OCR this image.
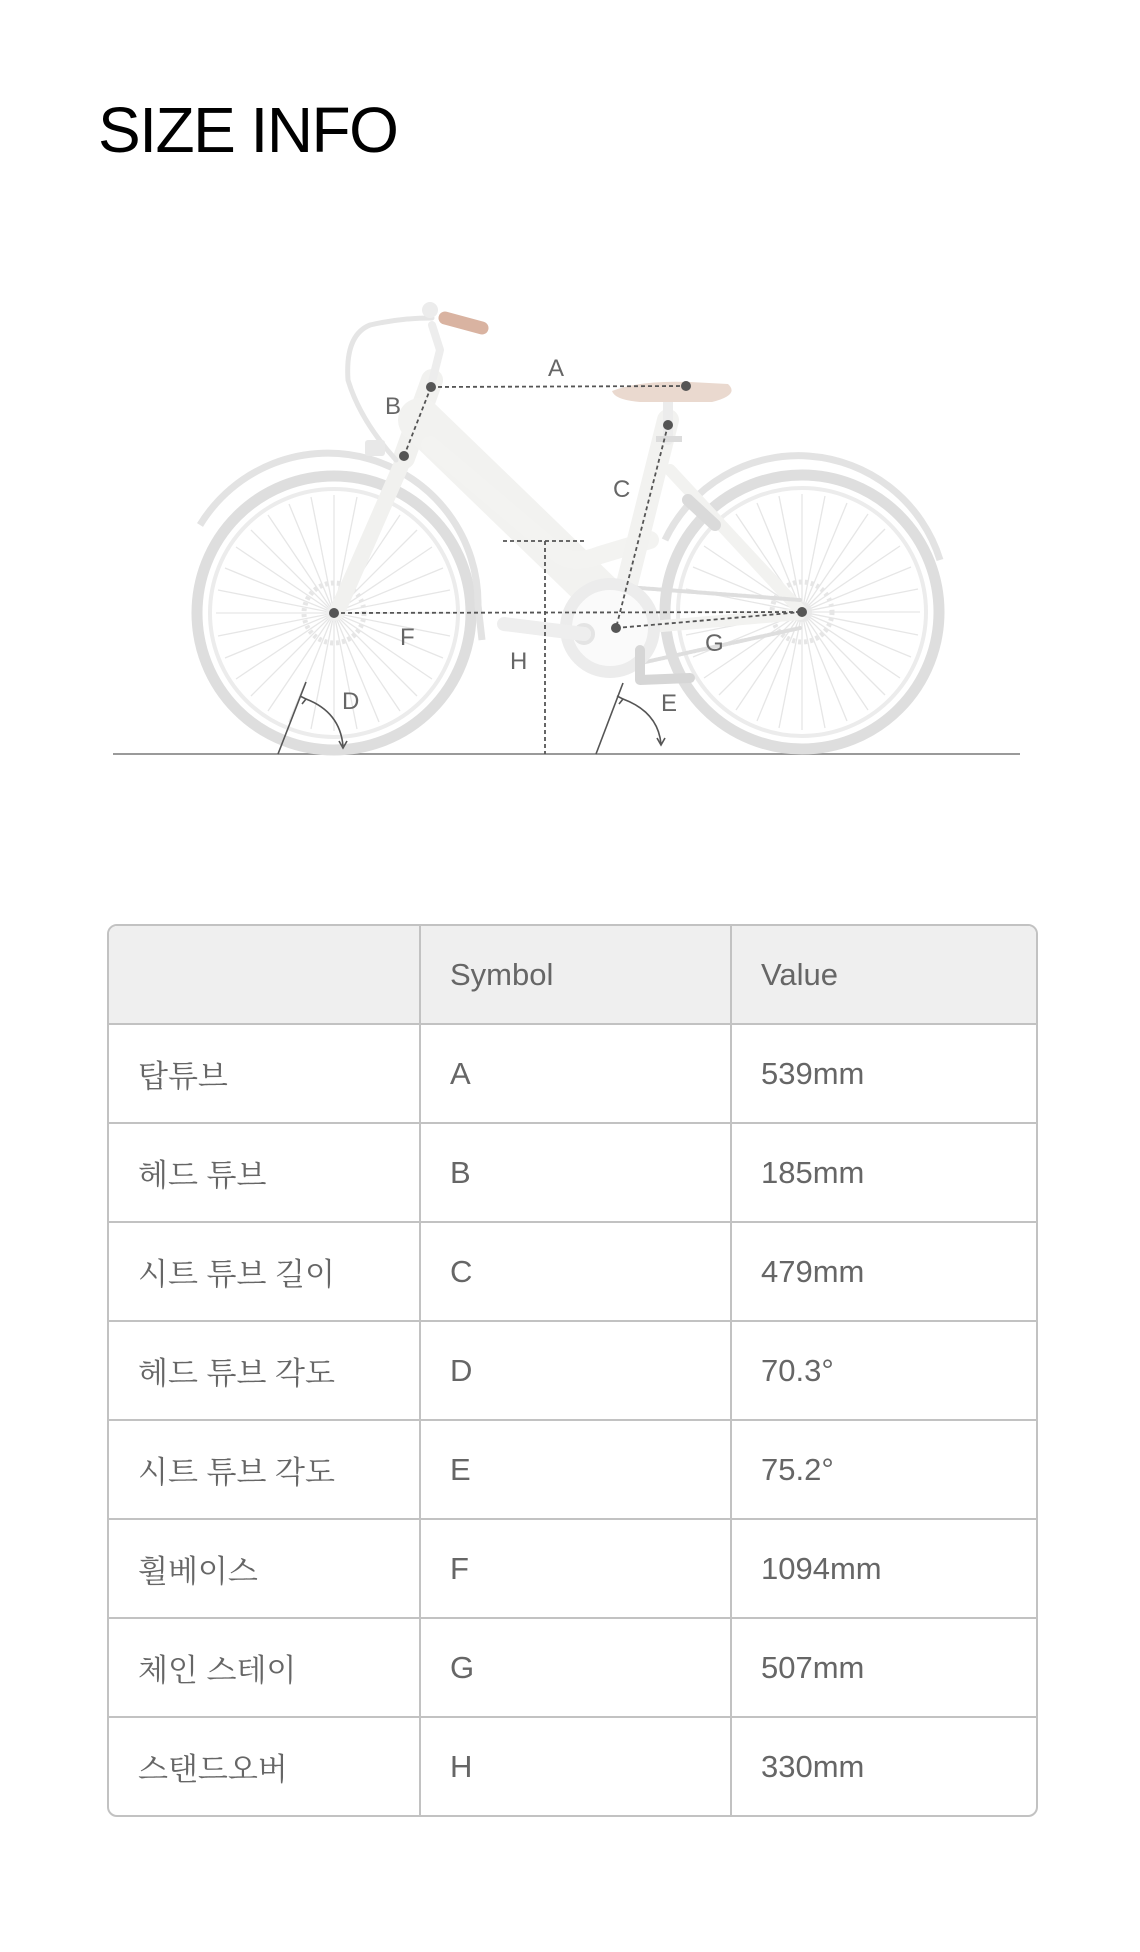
SIZE INFO
A
B
C
D	E
F	G
H
	Symbol	Value
탑튜브	A	539mm
헤드 튜브	B	185mm
시트 튜브 길이	C	479mm
헤드 튜브 각도	D	70.3°
시트 튜브 각도	E	75.2°
휠베이스	F	1094mm
체인 스테이	G	507mm
스탠드오버	H	330mm
